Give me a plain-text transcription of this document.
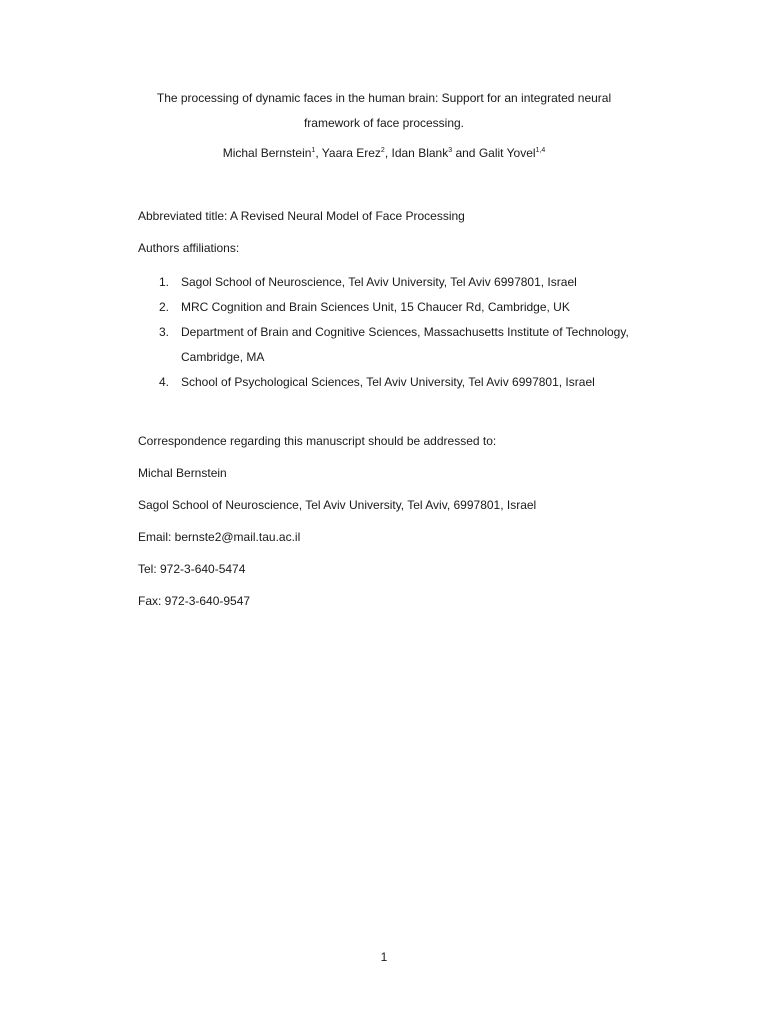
The processing of dynamic faces in the human brain: Support for an integrated neural
framework of face processing.
Michal Bernstein$^1$, Yaara Erez$^2$, Idan Blank$^3$ and Galit Yovel$^{1,4}$
Abbreviated title: A Revised Neural Model of Face Processing
Authors affiliations:
1. Sagol School of Neuroscience, Tel Aviv University, Tel Aviv 6997801, Israel
2. MRC Cognition and Brain Sciences Unit, 15 Chaucer Rd, Cambridge, UK
3. Department of Brain and Cognitive Sciences, Massachusetts Institute of Technology,
Cambridge, MA
4. School of Psychological Sciences, Tel Aviv University, Tel Aviv 6997801, Israel
Correspondence regarding this manuscript should be addressed to:
Michal Bernstein
Sagol School of Neuroscience, Tel Aviv University, Tel Aviv, 6997801, Israel
Email: bernste2@mail.tau.ac.il
Tel: 972-3-640-5474
Fax: 972-3-640-9547
1
